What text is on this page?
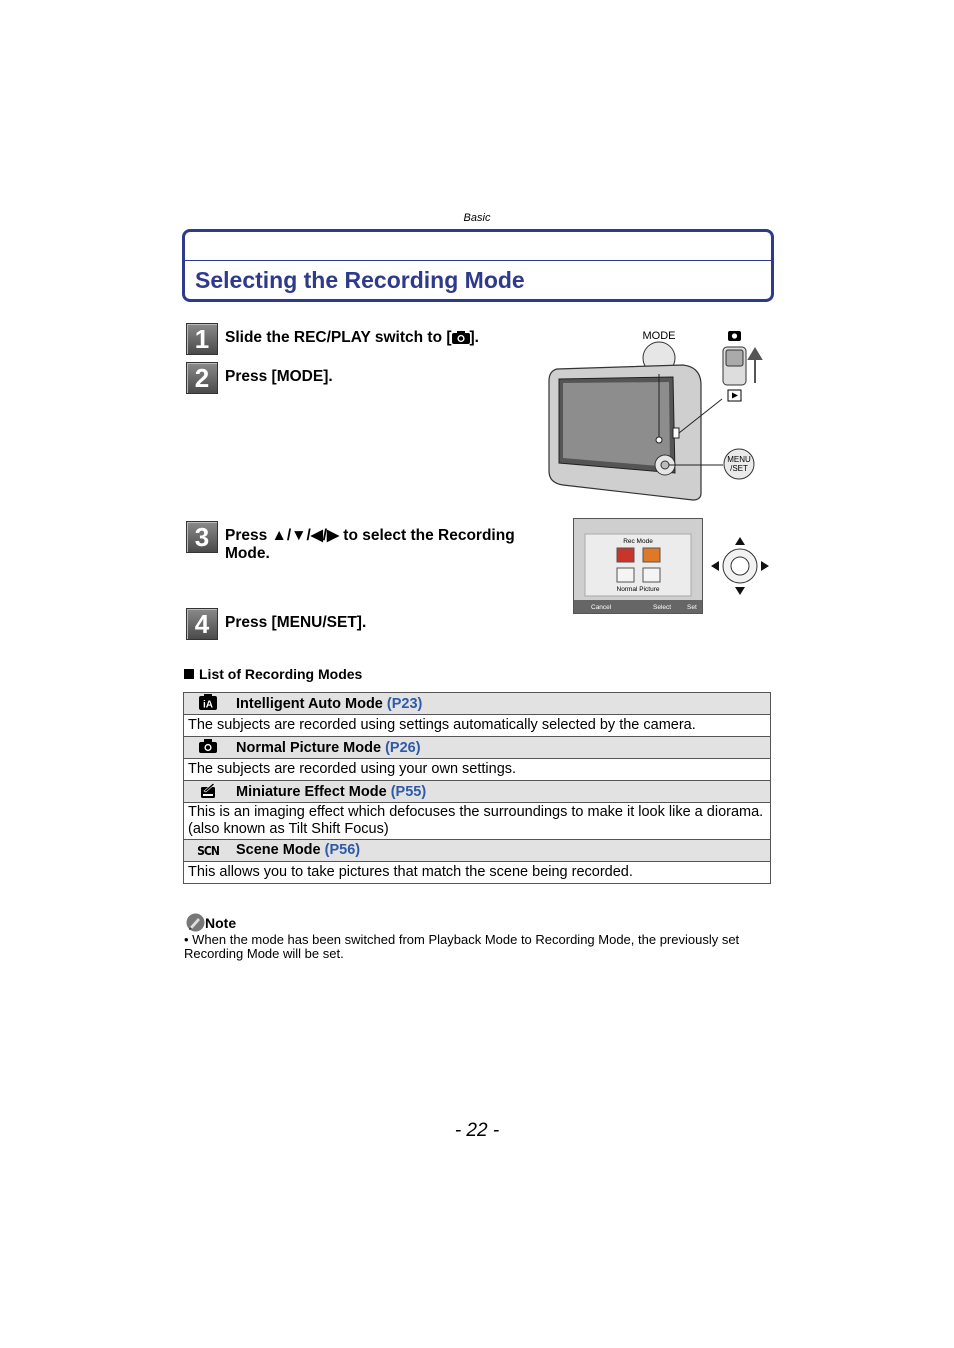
Basic
Selecting the Recording Mode
1	Slide the REC/PLAY switch to [ ].
2	Press [MODE].
MODE
MENU
/SET
3	Press ▲/▼/◀/▶ to select the Recording Mode.
Rec Mode
Normal Picture
Cancel	Select Set
4	Press [MENU/SET].
List of Recording Modes
iA Intelligent Auto Mode (P23)
The subjects are recorded using settings automatically selected by the camera.
Normal Picture Mode (P26)
The subjects are recorded using your own settings.
Miniature Effect Mode (P55)
This is an imaging effect which defocuses the surroundings to make it look like a diorama. (also known as Tilt Shift Focus)
SCN Scene Mode (P56)
This allows you to take pictures that match the scene being recorded.
Note
• When the mode has been switched from Playback Mode to Recording Mode, the previously set Recording Mode will be set.
- 22 -
